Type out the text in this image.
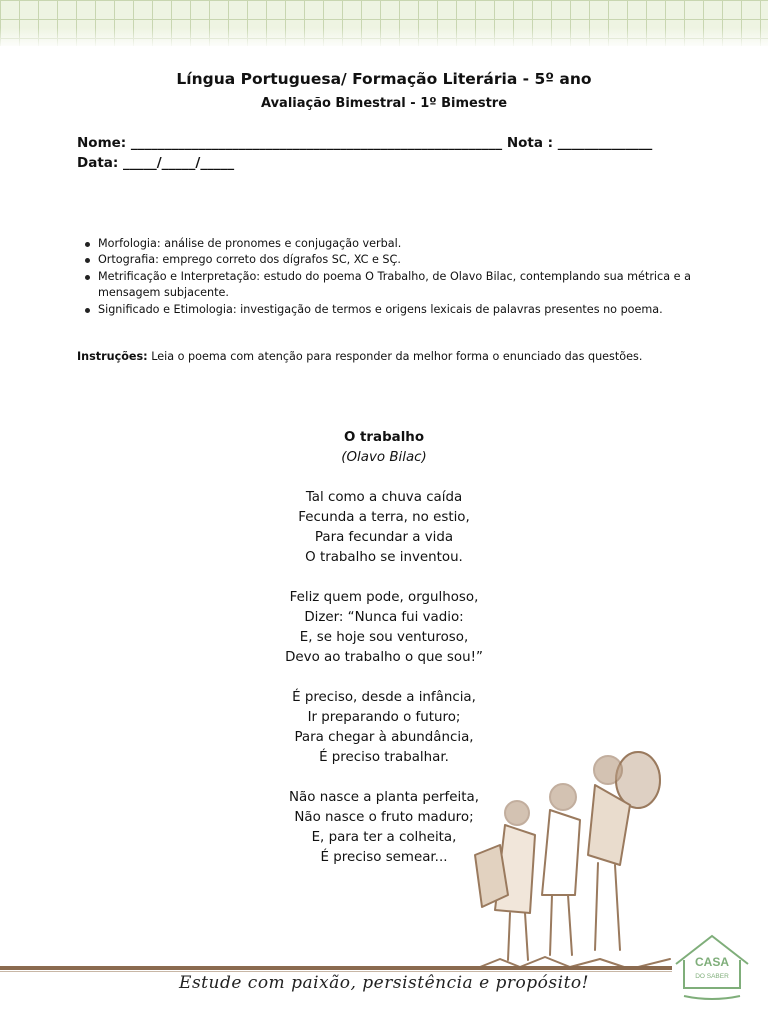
Língua Portuguesa/ Formação Literária - 5º ano
Avaliação Bimestral - 1º Bimestre
Nome: _______________________________________________________ Nota : ______________
Data: _____/_____/_____
Morfologia: análise de pronomes e conjugação verbal.
Ortografia: emprego correto dos dígrafos SC, XC e SÇ.
Metrificação e Interpretação: estudo do poema O Trabalho, de Olavo Bilac, contemplando sua métrica e a mensagem subjacente.
Significado e Etimologia: investigação de termos e origens lexicais de palavras presentes no poema.
Instruções: Leia o poema com atenção para responder da melhor forma o enunciado das questões.
O trabalho
(Olavo Bilac)
Tal como a chuva caída
Fecunda a terra, no estio,
Para fecundar a vida
O trabalho se inventou.
Feliz quem pode, orgulhoso,
Dizer: “Nunca fui vadio:
E, se hoje sou venturoso,
Devo ao trabalho o que sou!”
É preciso, desde a infância,
Ir preparando o futuro;
Para chegar à abundância,
É preciso trabalhar.
Não nasce a planta perfeita,
Não nasce o fruto maduro;
E, para ter a colheita,
É preciso semear...
Estude com paixão, persistência e propósito!
CASA
DO SABER
